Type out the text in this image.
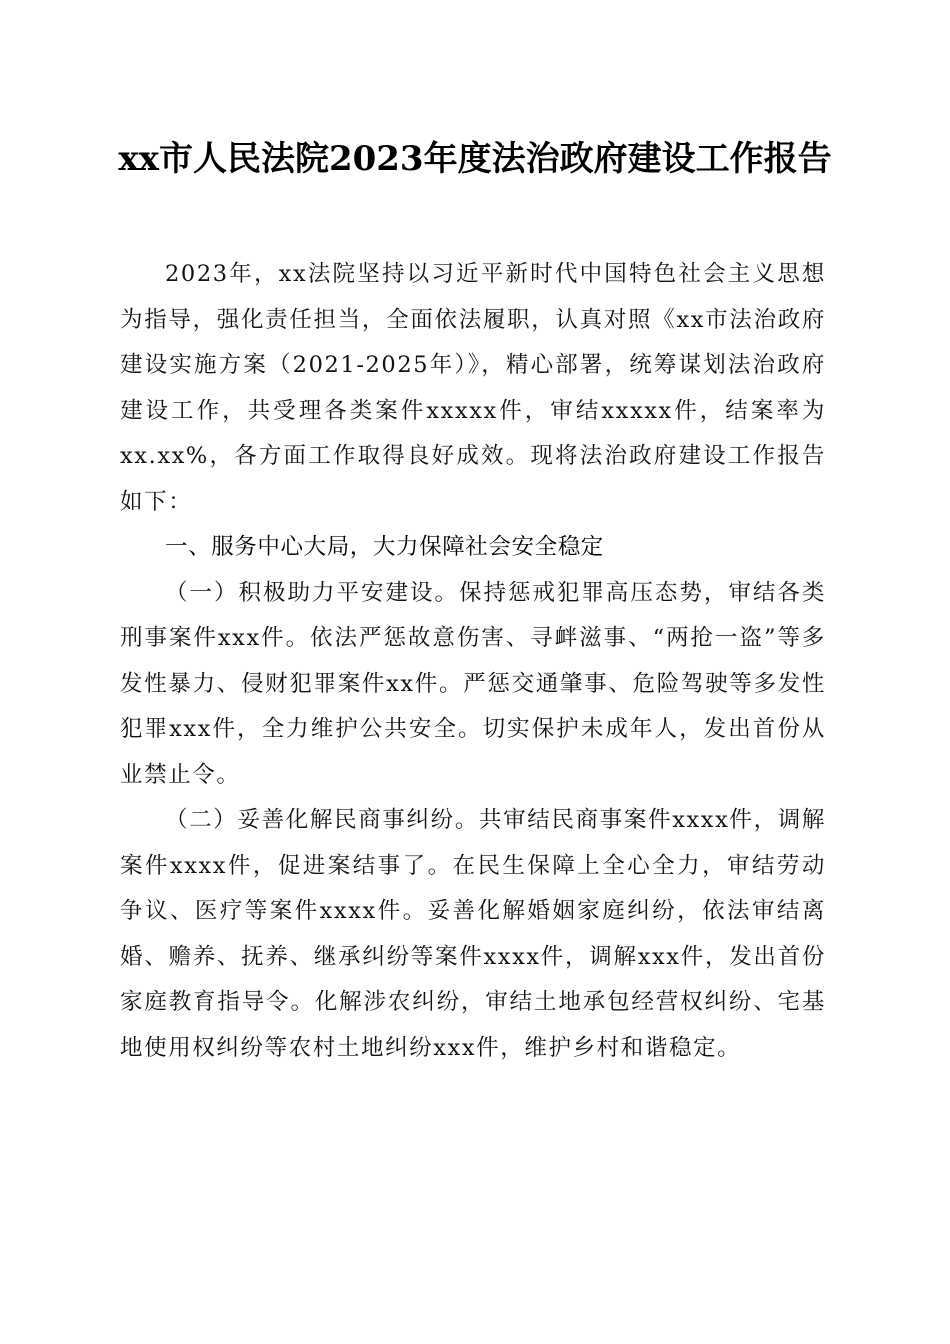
xx市人民法院2023年度法治政府建设工作报告

2023年，xx法院坚持以习近平新时代中国特色社会主义思想为指导，强化责任担当，全面依法履职，认真对照《xx市法治政府建设实施方案（2021-2025年）》，精心部署，统筹谋划法治政府建设工作，共受理各类案件xxxxx件，审结xxxxx件，结案率为xx.xx%，各方面工作取得良好成效。现将法治政府建设工作报告如下：

一、服务中心大局，大力保障社会安全稳定

（一）积极助力平安建设。保持惩戒犯罪高压态势，审结各类刑事案件xxx件。依法严惩故意伤害、寻衅滋事、“两抢一盗”等多发性暴力、侵财犯罪案件xx件。严惩交通肇事、危险驾驶等多发性犯罪xxx件，全力维护公共安全。切实保护未成年人，发出首份从业禁止令。

（二）妥善化解民商事纠纷。共审结民商事案件xxxx件，调解案件xxxx件，促进案结事了。在民生保障上全心全力，审结劳动争议、医疗等案件xxxx件。妥善化解婚姻家庭纠纷，依法审结离婚、赡养、抚养、继承纠纷等案件xxxx件，调解xxx件，发出首份家庭教育指导令。化解涉农纠纷，审结土地承包经营权纠纷、宅基地使用权纠纷等农村土地纠纷xxx件，维护乡村和谐稳定。
